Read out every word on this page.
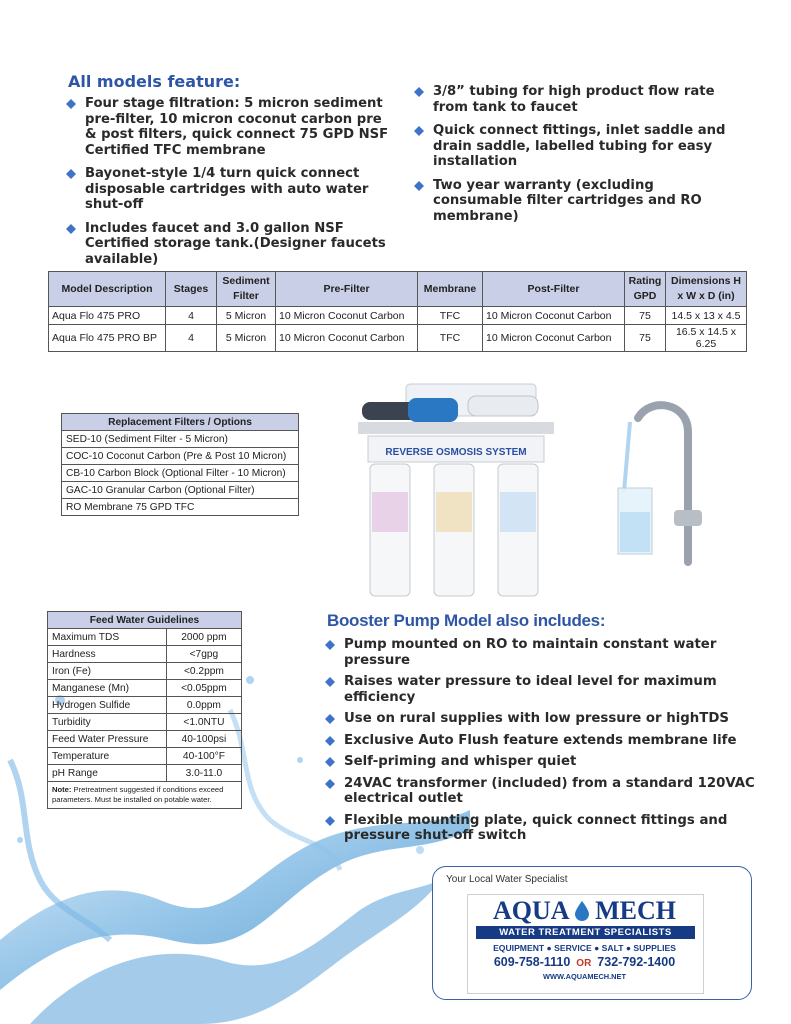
All models feature:
Four stage filtration: 5 micron sediment pre-filter, 10 micron coconut carbon pre & post filters, quick connect 75 GPD NSF Certified TFC membrane
Bayonet-style 1/4 turn quick connect disposable cartridges with auto water shut-off
Includes faucet and 3.0 gallon NSF Certified storage tank.(Designer faucets available)
3/8” tubing for high product flow rate from tank to faucet
Quick connect fittings, inlet saddle and drain saddle, labelled tubing for easy installation
Two year warranty (excluding consumable filter cartridges and RO membrane)
Model Description	Stages	Sediment Filter	Pre-Filter	Membrane	Post-Filter	Rating GPD	Dimensions H x W x D (in)
Aqua Flo 475 PRO	4	5 Micron	10 Micron Coconut Carbon	TFC	10 Micron Coconut Carbon	75	14.5 x 13 x 4.5
Aqua Flo 475 PRO BP	4	5 Micron	10 Micron Coconut Carbon	TFC	10 Micron Coconut Carbon	75	16.5 x 14.5 x 6.25
Replacement Filters / Options
SED-10 (Sediment Filter - 5 Micron)
COC-10 Coconut Carbon (Pre & Post 10 Micron)
CB-10 Carbon Block (Optional Filter - 10 Micron)
GAC-10 Granular Carbon (Optional Filter)
RO Membrane 75 GPD TFC
REVERSE OSMOSIS SYSTEM
Feed Water Guidelines	
Maximum TDS	2000 ppm
Hardness	<7gpg
Iron (Fe)	<0.2ppm
Manganese (Mn)	<0.05ppm
Hydrogen Sulfide	0.0ppm
Turbidity	<1.0NTU
Feed Water Pressure	40-100psi
Temperature	40-100°F
pH Range	3.0-11.0
Note: Pretreatment suggested if conditions exceed parameters. Must be installed on potable water.	
Booster Pump Model also includes:
Pump mounted on RO to maintain constant water pressure
Raises water pressure to ideal level for maximum efficiency
Use on rural supplies with low pressure or highTDS
Exclusive Auto Flush feature extends membrane life
Self-priming and whisper quiet
24VAC transformer (included) from a standard 120VAC electrical outlet
Flexible mounting plate, quick connect fittings and pressure shut-off switch
Your Local Water Specialist
AQUA MECH
WATER TREATMENT SPECIALISTS
EQUIPMENT ● SERVICE ● SALT ● SUPPLIES
609-758-1110 OR 732-792-1400
WWW.AQUAMECH.NET
